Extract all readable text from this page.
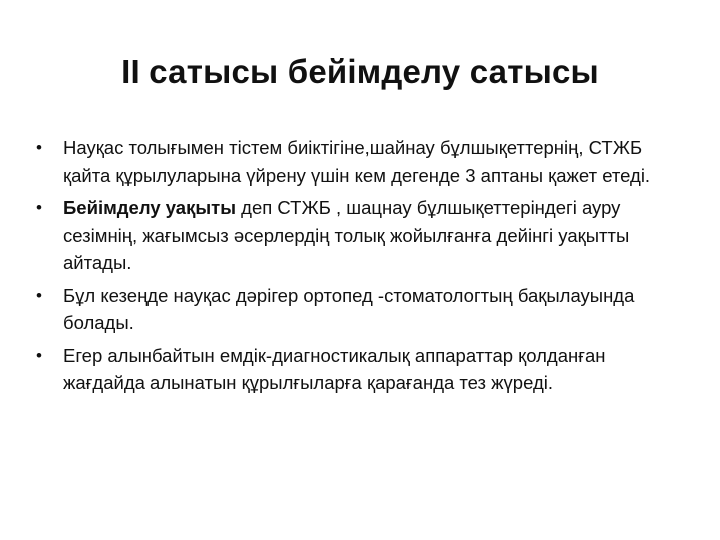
ІІ сатысы бейімделу сатысы
• Науқас толығымен тістем биіктігіне,шайнау бұлшықеттернің, СТЖБ қайта құрылуларына үйрену үшін кем дегенде 3 аптаны қажет етеді.
• Бейімделу уақыты деп СТЖБ , шацнау бұлшықеттеріндегі ауру сезімнің, жағымсыз әсерлердің толық жойылғанға дейінгі уақытты айтады.
• Бұл кезеңде науқас дәрігер ортопед -стоматологтың бақылауында болады.
• Егер алынбайтын емдік-диагностикалық аппараттар қолданған жағдайда алынатын құрылғыларға қарағанда тез жүреді.
